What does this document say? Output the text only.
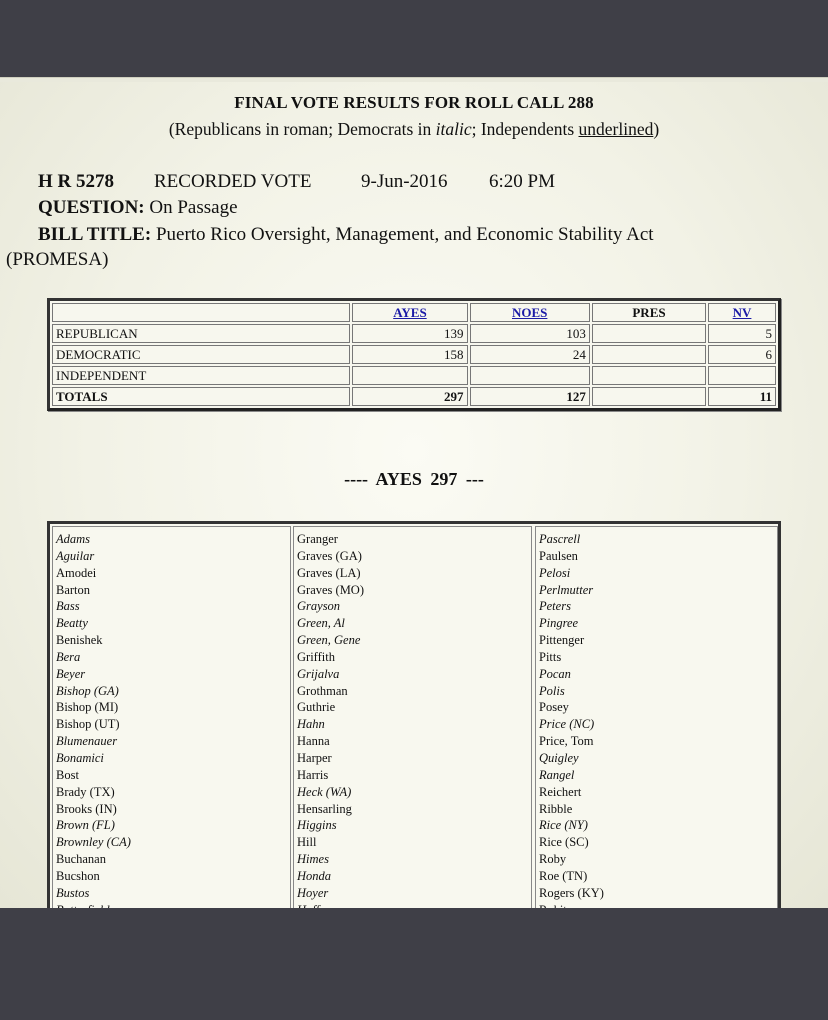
FINAL VOTE RESULTS FOR ROLL CALL 288
(Republicans in roman; Democrats in italic; Independents underlined)
H R 5278 RECORDED VOTE	9-Jun-2016 6:20 PM
QUESTION: On Passage
BILL TITLE: Puerto Rico Oversight, Management, and Economic Stability Act
(PROMESA)
	AYES	NOES	PRES	NV
REPUBLICAN	139	103		5
DEMOCRATIC	158	24		6
INDEPENDENT				
TOTALS	297	127		11
---- AYES 297 ---
Adams
Aguilar
Amodei
Barton
Bass
Beatty
Benishek
Bera
Beyer
Bishop (GA)
Bishop (MI)
Bishop (UT)
Blumenauer
Bonamici
Bost
Brady (TX)
Brooks (IN)
Brown (FL)
Brownley (CA)
Buchanan
Bucshon
Bustos
Granger
Graves (GA)
Graves (LA)
Graves (MO)
Grayson
Green, Al
Green, Gene
Griffith
Grijalva
Grothman
Guthrie
Hahn
Hanna
Harper
Harris
Heck (WA)
Hensarling
Higgins
Hill
Himes
Honda
Hoyer
Pascrell
Paulsen
Pelosi
Perlmutter
Peters
Pingree
Pittenger
Pitts
Pocan
Polis
Posey
Price (NC)
Price, Tom
Quigley
Rangel
Reichert
Ribble
Rice (NY)
Rice (SC)
Roby
Roe (TN)
Rogers (KY)
